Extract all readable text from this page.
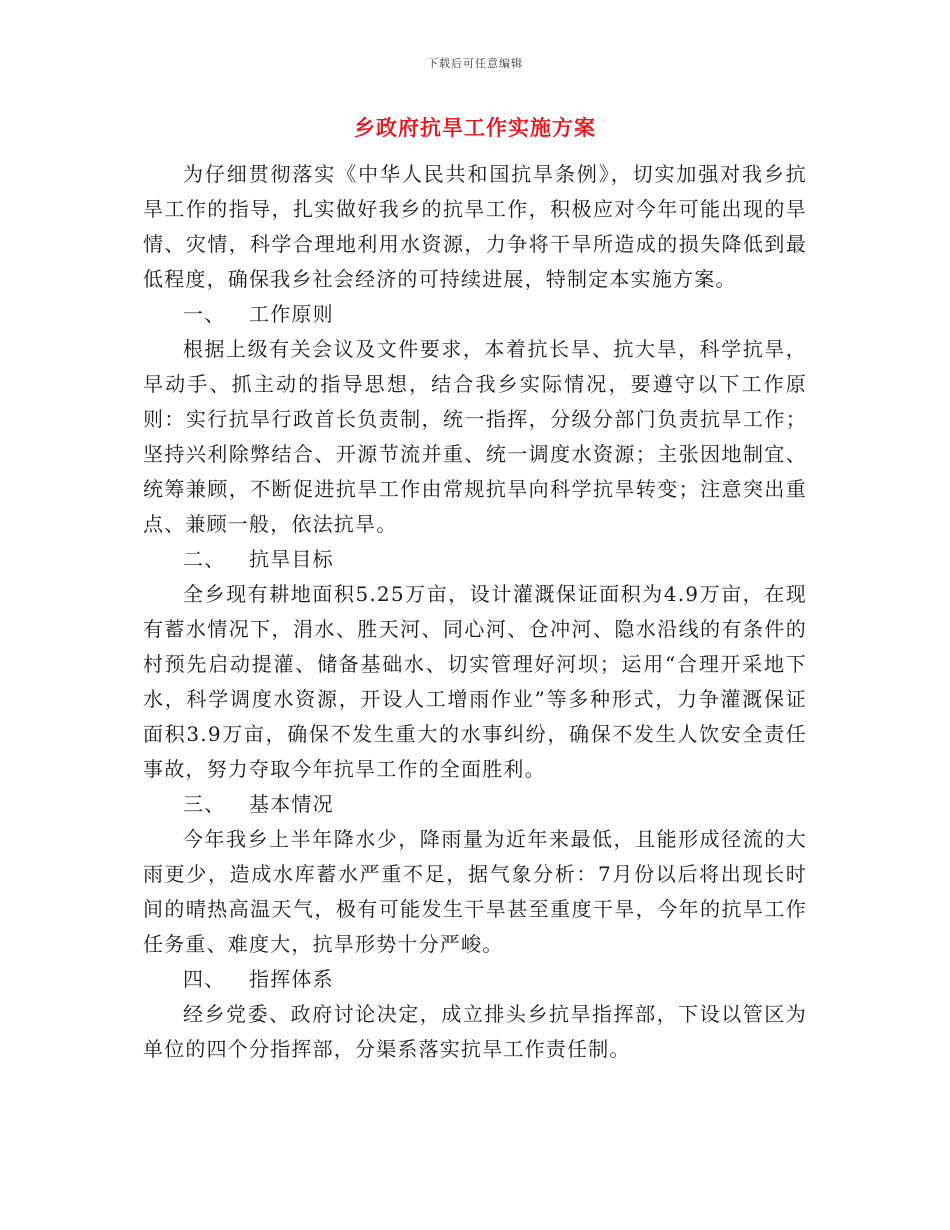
下载后可任意编辑
乡政府抗旱工作实施方案

为仔细贯彻落实《中华人民共和国抗旱条例》，切实加强对我乡抗旱工作的指导，扎实做好我乡的抗旱工作，积极应对今年可能出现的旱情、灾情，科学合理地利用水资源，力争将干旱所造成的损失降低到最低程度，确保我乡社会经济的可持续进展，特制定本实施方案。

一、 工作原则

根据上级有关会议及文件要求，本着抗长旱、抗大旱，科学抗旱，早动手、抓主动的指导思想，结合我乡实际情况，要遵守以下工作原则：实行抗旱行政首长负责制，统一指挥，分级分部门负责抗旱工作；坚持兴利除弊结合、开源节流并重、统一调度水资源；主张因地制宜、统筹兼顾，不断促进抗旱工作由常规抗旱向科学抗旱转变；注意突出重点、兼顾一般，依法抗旱。

二、 抗旱目标

全乡现有耕地面积5.25万亩，设计灌溉保证面积为4.9万亩，在现有蓄水情况下，涓水、胜天河、同心河、仓冲河、隐水沿线的有条件的村预先启动提灌、储备基础水、切实管理好河坝；运用“合理开采地下水，科学调度水资源，开设人工增雨作业”等多种形式，力争灌溉保证面积3.9万亩，确保不发生重大的水事纠纷，确保不发生人饮安全责任事故，努力夺取今年抗旱工作的全面胜利。

三、 基本情况

今年我乡上半年降水少，降雨量为近年来最低，且能形成径流的大雨更少，造成水库蓄水严重不足，据气象分析：7月份以后将出现长时间的晴热高温天气，极有可能发生干旱甚至重度干旱，今年的抗旱工作任务重、难度大，抗旱形势十分严峻。

四、 指挥体系

经乡党委、政府讨论决定，成立排头乡抗旱指挥部，下设以管区为单位的四个分指挥部，分渠系落实抗旱工作责任制。
